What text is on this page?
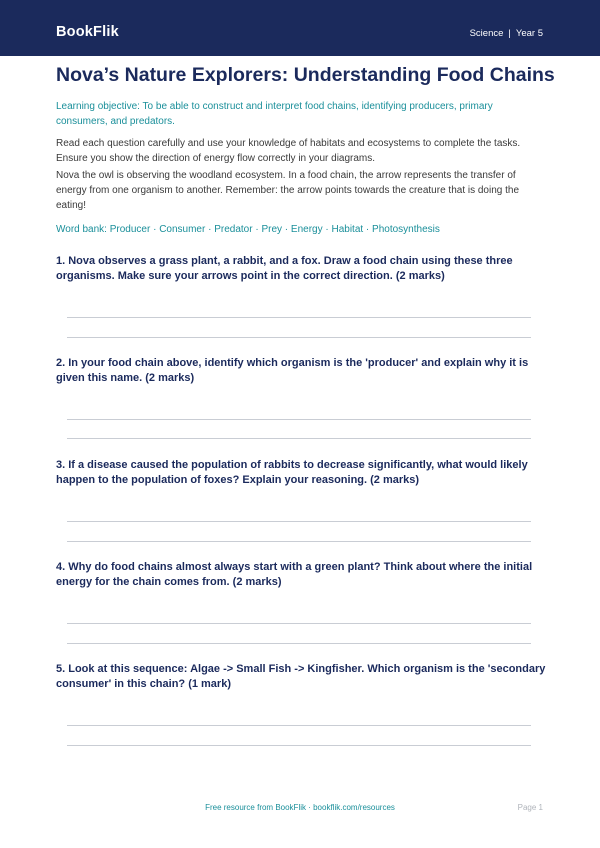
BookFlik	Science | Year 5
Nova’s Nature Explorers: Understanding Food Chains

Learning objective: To be able to construct and interpret food chains, identifying producers, primary consumers, and predators.

Read each question carefully and use your knowledge of habitats and ecosystems to complete the tasks. Ensure you show the direction of energy flow correctly in your diagrams.

Nova the owl is observing the woodland ecosystem. In a food chain, the arrow represents the transfer of energy from one organism to another. Remember: the arrow points towards the creature that is doing the eating!

Word bank:
Producer · Consumer · Predator · Prey · Energy · Habitat · Photosynthesis

1. Nova observes a grass plant, a rabbit, and a fox. Draw a food chain using these three organisms. Make sure your arrows point in the correct direction. (2 marks)

2. In your food chain above, identify which organism is the 'producer' and explain why it is given this name. (2 marks)

3. If a disease caused the population of rabbits to decrease significantly, what would likely happen to the population of foxes? Explain your reasoning. (2 marks)

4. Why do food chains almost always start with a green plant? Think about where the initial energy for the chain comes from. (2 marks)

5. Look at this sequence: Algae -> Small Fish -> Kingfisher. Which organism is the 'secondary consumer' in this chain? (1 mark)

Free resource from BookFlik · bookflik.com/resources	Page 1
